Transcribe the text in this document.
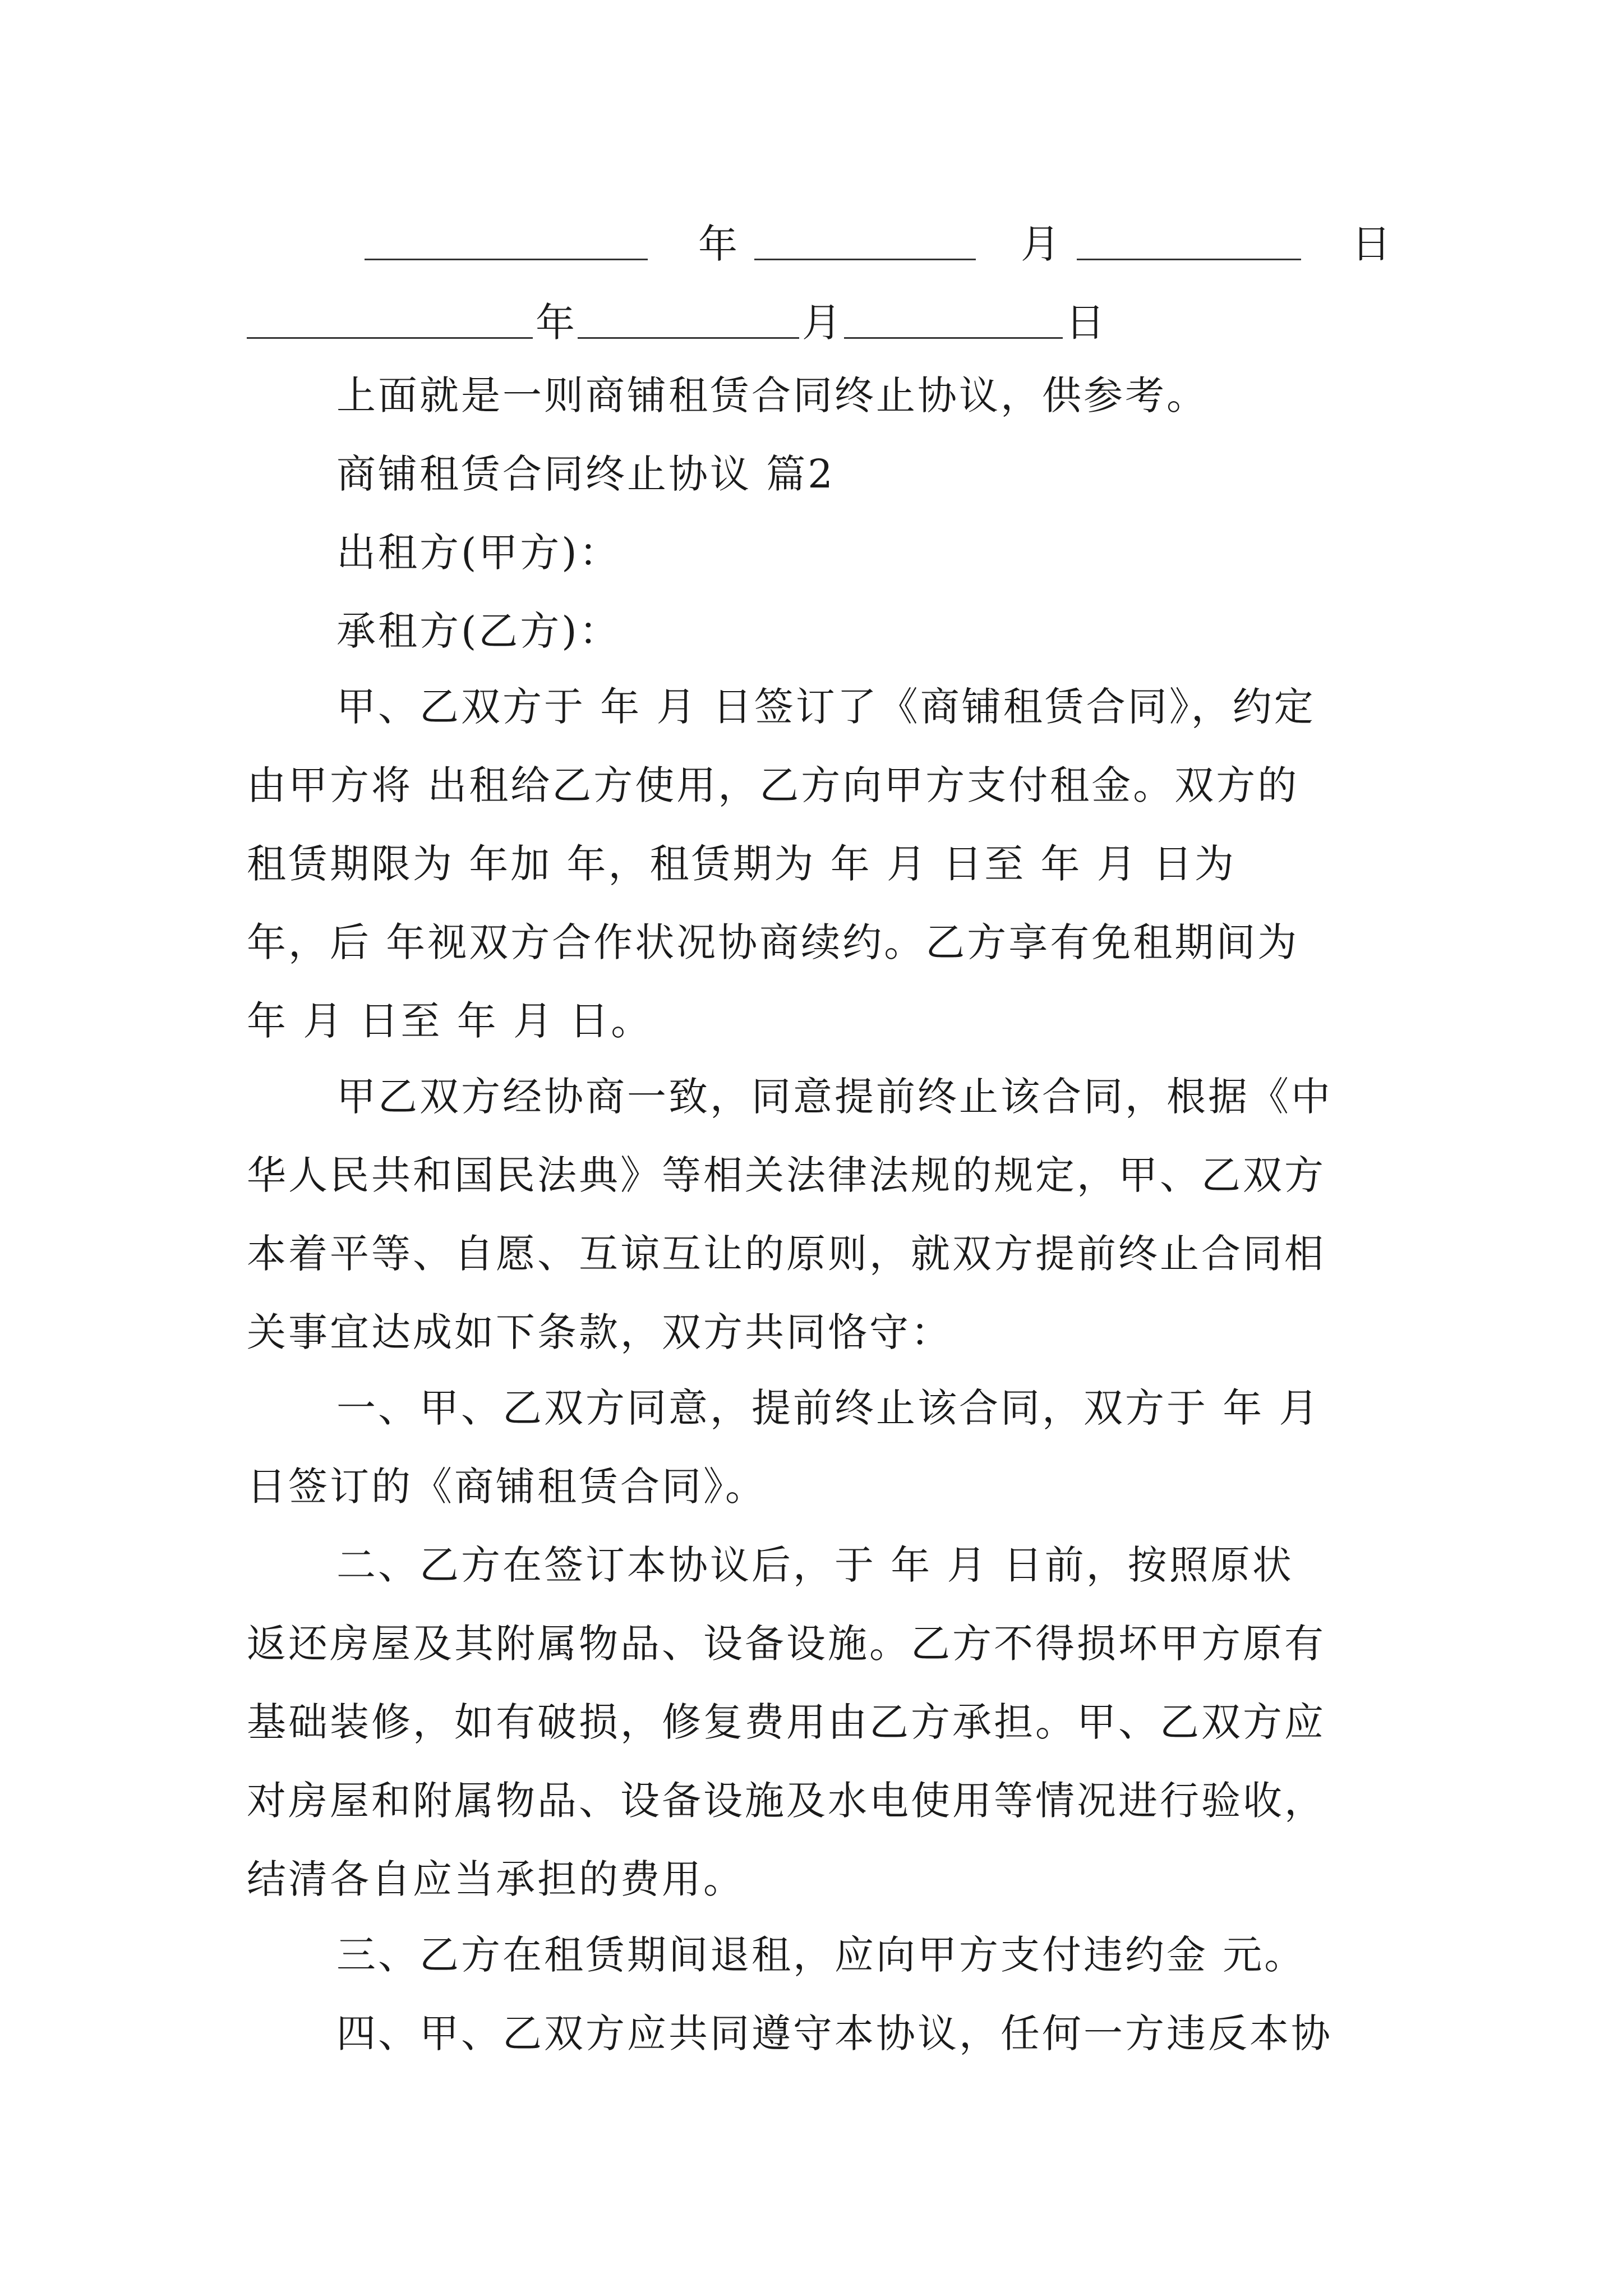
年	月	日
年	月	日
上面就是一则商铺租赁合同终止协议，供参考。
商铺租赁合同终止协议 篇2
出租方(甲方)：
承租方(乙方)：
甲、乙双方于 年 月 日签订了《商铺租赁合同》，约定
由甲方将 出租给乙方使用，乙方向甲方支付租金。双方的
租赁期限为 年加 年，租赁期为 年 月 日至 年 月 日为
年，后 年视双方合作状况协商续约。乙方享有免租期间为
年 月 日至 年 月 日。
甲乙双方经协商一致，同意提前终止该合同，根据《中
华人民共和国民法典》等相关法律法规的规定，甲、乙双方
本着平等、自愿、互谅互让的原则，就双方提前终止合同相
关事宜达成如下条款，双方共同恪守：
一、甲、乙双方同意，提前终止该合同，双方于 年 月
日签订的《商铺租赁合同》。
二、乙方在签订本协议后，于 年 月 日前，按照原状
返还房屋及其附属物品、设备设施。乙方不得损坏甲方原有
基础装修，如有破损，修复费用由乙方承担。甲、乙双方应
对房屋和附属物品、设备设施及水电使用等情况进行验收，
结清各自应当承担的费用。
三、乙方在租赁期间退租，应向甲方支付违约金 元。
四、甲、乙双方应共同遵守本协议，任何一方违反本协
